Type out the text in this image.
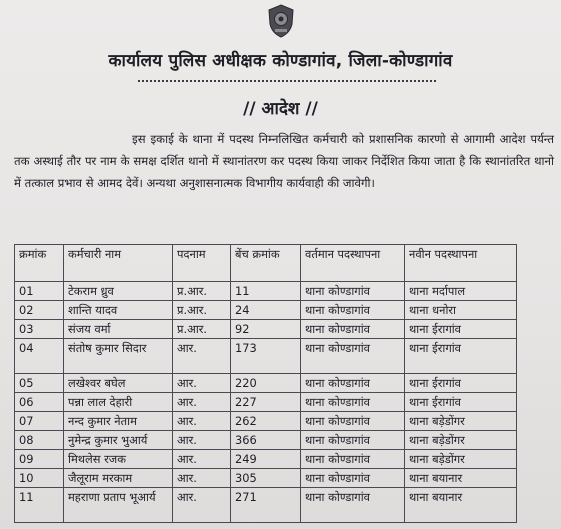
कार्यालय पुलिस अधीक्षक कोण्डागांव, जिला-कोण्डागांव
// आदेश //
इस इकाई के थाना में पदस्थ निम्नलिखित कर्मचारी को प्रशासनिक कारणो से आगामी आदेश पर्यन्त तक अस्थाई तौर पर नाम के समक्ष दर्शित थानो में स्थानांतरण कर पदस्थ किया जाकर निर्देशित किया जाता है कि स्थानांतरित थानो में तत्काल प्रभाव से आमद देवें। अन्यथा अनुशासनात्मक विभागीय कार्यवाही की जावेगी।
क्रमांक	कर्मचारी नाम	पदनाम	बेंच क्रमांक	वर्तमान पदस्थापना	नवीन पदस्थापना
01	टेकराम ध्रुव	प्र.आर.	11	थाना कोण्डागांव	थाना मर्दापाल
02	शान्ति यादव	प्र.आर.	24	थाना कोण्डागांव	थाना धनोरा
03	संजय वर्मा	प्र.आर.	92	थाना कोण्डागांव	थाना ईरागांव
04	संतोष कुमार सिदार	आर.	173	थाना कोण्डागांव	थाना ईरागांव
05	लखेश्वर बघेल	आर.	220	थाना कोण्डागांव	थाना ईरागांव
06	पन्ना लाल देहारी	आर.	227	थाना कोण्डागांव	थाना ईरागांव
07	नन्द कुमार नेताम	आर.	262	थाना कोण्डागांव	थाना बड़ेडोंगर
08	नुमेन्द्र कुमार भुआर्य	आर.	366	थाना कोण्डागांव	थाना बड़ेडोंगर
09	मिथलेस रजक	आर.	249	थाना कोण्डागांव	थाना बड़ेडोंगर
10	जैलूराम मरकाम	आर.	305	थाना कोण्डागांव	थाना बयानार
11	महराणा प्रताप भूआर्य	आर.	271	थाना कोण्डागांव	थाना बयानार
